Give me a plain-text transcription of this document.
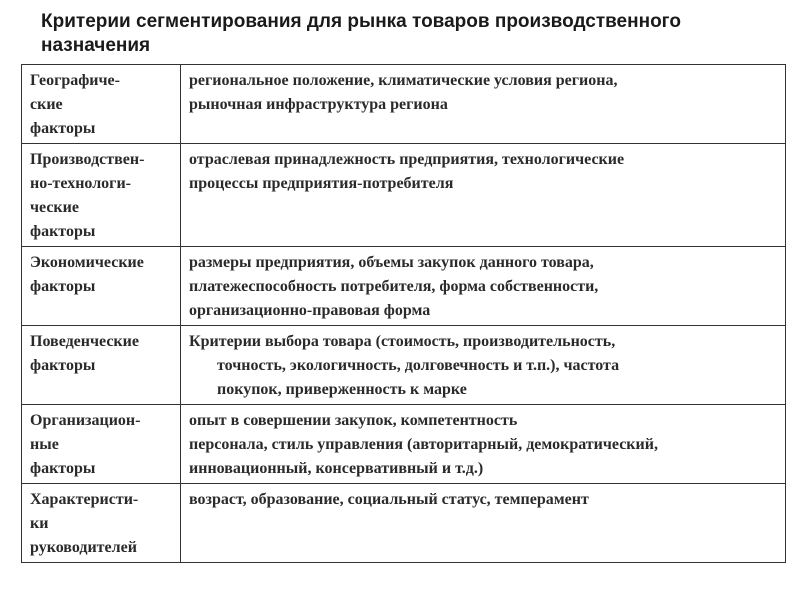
Критерии сегментирования для рынка товаров производственного
назначения
Географиче-
ские
факторы	региональное положение, климатические условия региона,
рыночная инфраструктура региона

Производствен-
но-технологи-
ческие
факторы	отраслевая принадлежность предприятия, технологические
процессы предприятия-потребителя

Экономические
факторы	размеры предприятия, объемы закупок данного товара,
платежеспособность потребителя, форма собственности,
организационно-правовая форма

Поведенческие
факторы	Критерии выбора товара (стоимость, производительность,
точность, экологичность, долговечность и т.п.), частота
покупок, приверженность к марке

Организацион-
ные
факторы	опыт в совершении закупок, компетентность
персонала, стиль управления (авторитарный, демократический,
инновационный, консервативный и т.д.)

Характеристи-
ки
руководителей	возраст, образование, социальный статус, темперамент
